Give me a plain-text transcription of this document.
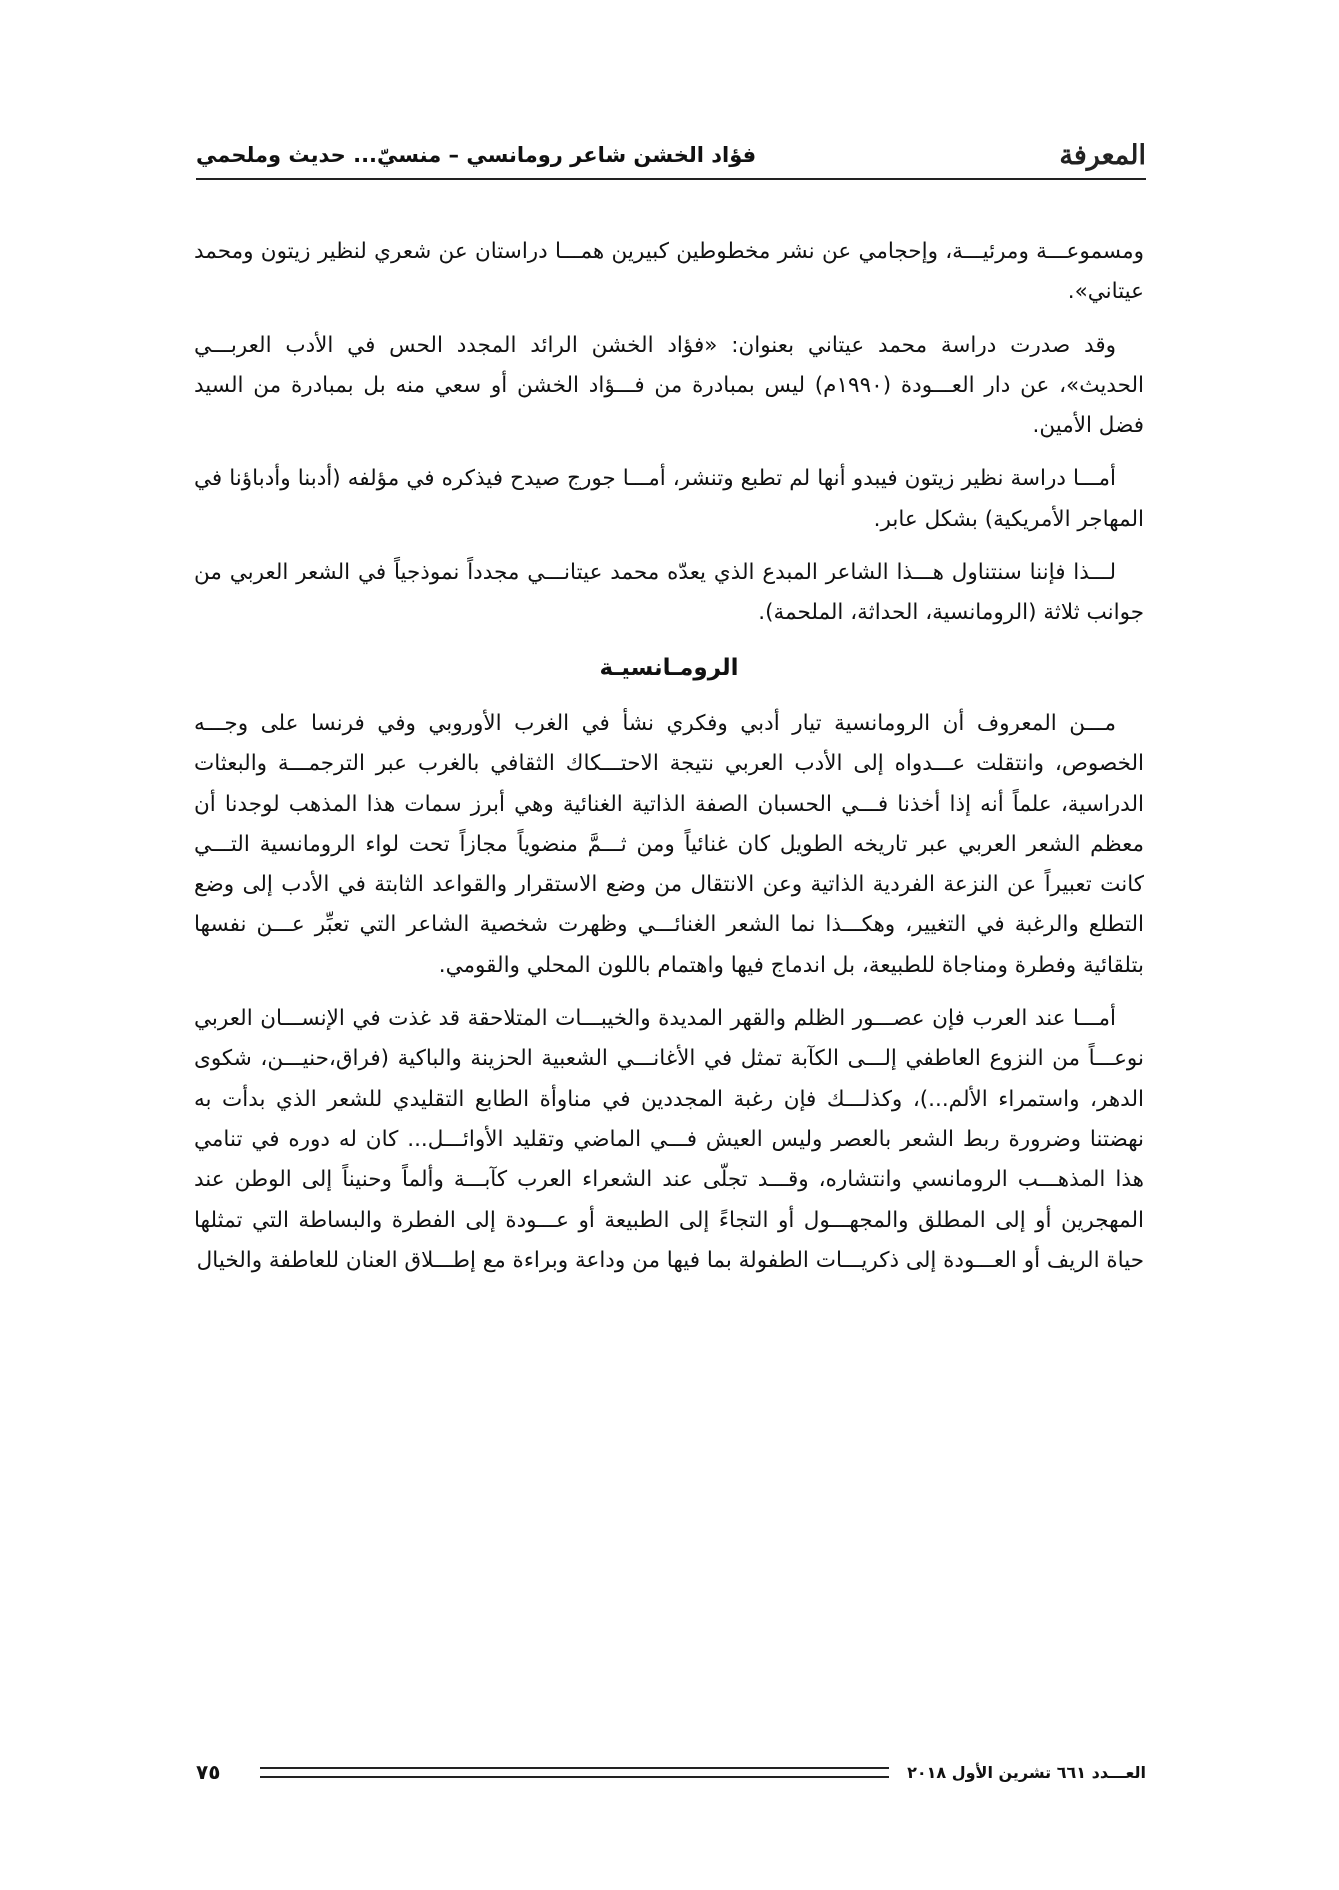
المعرفة
فؤاد الخشن شاعر رومانسي – منسيّ... حديث وملحمي

ومسموعـــة ومرئيـــة، وإحجامي عن نشر مخطوطين كبيرين همـــا دراستان عن شعري لنظير زيتون ومحمد عيتاني».

وقد صدرت دراسة محمد عيتاني بعنوان: «فؤاد الخشن الرائد المجدد الحس في الأدب العربـــي الحديث»، عن دار العـــودة (١٩٩٠م) ليس بمبادرة من فـــؤاد الخشن أو سعي منه بل بمبادرة من السيد فضل الأمين.

أمـــا دراسة نظير زيتون فيبدو أنها لم تطبع وتنشر، أمـــا جورج صيدح فيذكره في مؤلفه (أدبنا وأدباؤنا في المهاجر الأمريكية) بشكل عابر.

لـــذا فإننا سنتناول هـــذا الشاعر المبدع الذي يعدّه محمد عيتانـــي مجدداً نموذجياً في الشعر العربي من جوانب ثلاثة (الرومانسية، الحداثة، الملحمة).

الرومـانسيـة

مـــن المعروف أن الرومانسية تيار أدبي وفكري نشأ في الغرب الأوروبي وفي فرنسا على وجـــه الخصوص، وانتقلت عـــدواه إلى الأدب العربي نتيجة الاحتـــكاك الثقافي بالغرب عبر الترجمـــة والبعثات الدراسية، علماً أنه إذا أخذنا فـــي الحسبان الصفة الذاتية الغنائية وهي أبرز سمات هذا المذهب لوجدنا أن معظم الشعر العربي عبر تاريخه الطويل كان غنائياً ومن ثـــمَّ منضوياً مجازاً تحت لواء الرومانسية التـــي كانت تعبيراً عن النزعة الفردية الذاتية وعن الانتقال من وضع الاستقرار والقواعد الثابتة في الأدب إلى وضع التطلع والرغبة في التغيير، وهكـــذا نما الشعر الغنائـــي وظهرت شخصية الشاعر التي تعبِّر عـــن نفسها بتلقائية وفطرة ومناجاة للطبيعة، بل اندماج فيها واهتمام باللون المحلي والقومي.

أمـــا عند العرب فإن عصـــور الظلم والقهر المديدة والخيبـــات المتلاحقة قد غذت في الإنســـان العربي نوعـــاً من النزوع العاطفي إلـــى الكآبة تمثل في الأغانـــي الشعبية الحزينة والباكية (فراق،حنيـــن، شكوى الدهر، واستمراء الألم...)، وكذلـــك فإن رغبة المجددين في مناوأة الطابع التقليدي للشعر الذي بدأت به نهضتنا وضرورة ربط الشعر بالعصر وليس العيش فـــي الماضي وتقليد الأوائـــل... كان له دوره في تنامي هذا المذهـــب الرومانسي وانتشاره، وقـــد تجلّى عند الشعراء العرب كآبـــة وألماً وحنيناً إلى الوطن عند المهجرين أو إلى المطلق والمجهـــول أو التجاءً إلى الطبيعة أو عـــودة إلى الفطرة والبساطة التي تمثلها حياة الريف أو العـــودة إلى ذكريـــات الطفولة بما فيها من وداعة وبراءة مع إطـــلاق العنان للعاطفة والخيال

العـــدد ٦٦١ تشرين الأول ٢٠١٨
٧٥
